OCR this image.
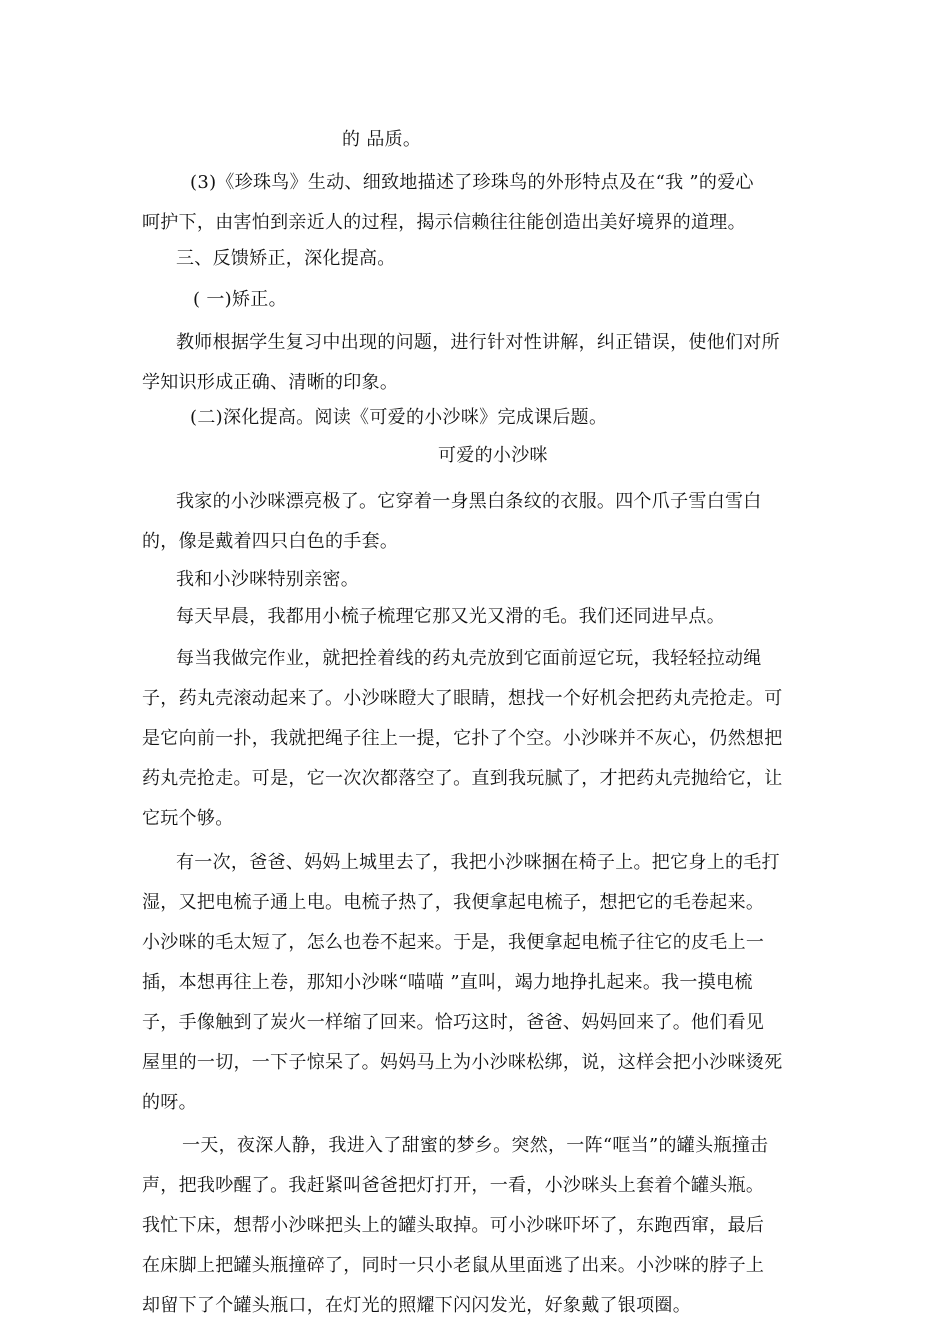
的 品质。
(3)《珍珠鸟》生动、细致地描述了珍珠鸟的外形特点及在“我 ”的爱心
呵护下，由害怕到亲近人的过程，揭示信赖往往能创造出美好境界的道理。
三、反馈矫正，深化提高。
( 一)矫正。
教师根据学生复习中出现的问题，进行针对性讲解，纠正错误，使他们对所
学知识形成正确、清晰的印象。
(二)深化提高。阅读《可爱的小沙咪》完成课后题。
可爱的小沙咪
我家的小沙咪漂亮极了。它穿着一身黑白条纹的衣服。四个爪子雪白雪白
的，像是戴着四只白色的手套。
我和小沙咪特别亲密。
每天早晨，我都用小梳子梳理它那又光又滑的毛。我们还同进早点。
每当我做完作业，就把拴着线的药丸壳放到它面前逗它玩，我轻轻拉动绳
子，药丸壳滚动起来了。小沙咪瞪大了眼睛，想找一个好机会把药丸壳抢走。可
是它向前一扑，我就把绳子往上一提，它扑了个空。小沙咪并不灰心，仍然想把
药丸壳抢走。可是，它一次次都落空了。直到我玩腻了，才把药丸壳抛给它，让
它玩个够。
有一次，爸爸、妈妈上城里去了，我把小沙咪捆在椅子上。把它身上的毛打
湿，又把电梳子通上电。电梳子热了，我便拿起电梳子，想把它的毛卷起来。
小沙咪的毛太短了，怎么也卷不起来。于是，我便拿起电梳子往它的皮毛上一
插，本想再往上卷，那知小沙咪“喵喵 ”直叫，竭力地挣扎起来。我一摸电梳
子，手像触到了炭火一样缩了回来。恰巧这时，爸爸、妈妈回来了。他们看见
屋里的一切，一下子惊呆了。妈妈马上为小沙咪松绑，说，这样会把小沙咪烫死
的呀。
一天，夜深人静，我进入了甜蜜的梦乡。突然，一阵“哐当”的罐头瓶撞击
声，把我吵醒了。我赶紧叫爸爸把灯打开，一看，小沙咪头上套着个罐头瓶。
我忙下床，想帮小沙咪把头上的罐头取掉。可小沙咪吓坏了，东跑西窜，最后
在床脚上把罐头瓶撞碎了，同时一只小老鼠从里面逃了出来。小沙咪的脖子上
却留下了个罐头瓶口，在灯光的照耀下闪闪发光，好象戴了银项圈。
